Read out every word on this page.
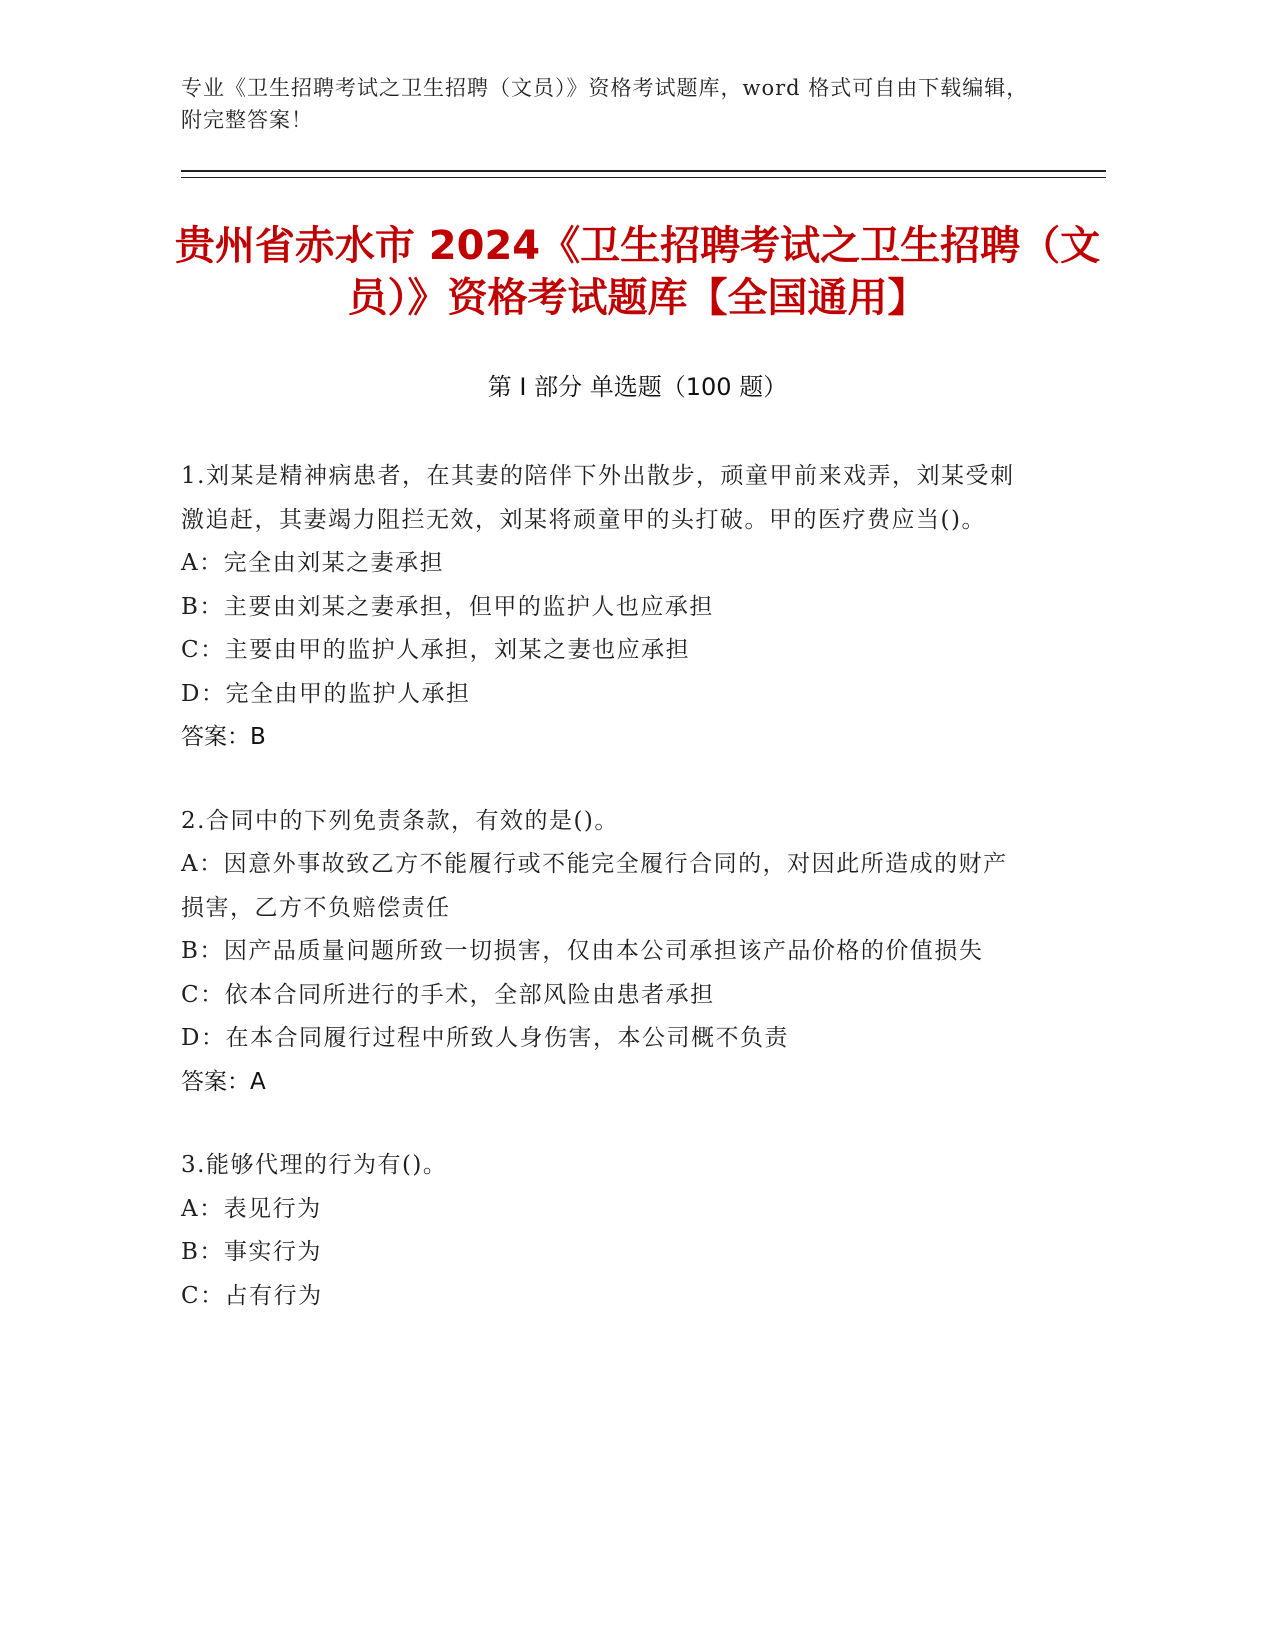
专业《卫生招聘考试之卫生招聘（文员）》资格考试题库，word 格式可自由下载编辑，附完整答案！
贵州省赤水市 2024《卫生招聘考试之卫生招聘（文员）》资格考试题库【全国通用】
第 I 部分 单选题（100 题）
1.刘某是精神病患者，在其妻的陪伴下外出散步，顽童甲前来戏弄，刘某受刺激追赶，其妻竭力阻拦无效，刘某将顽童甲的头打破。甲的医疗费应当()。
A：完全由刘某之妻承担
B：主要由刘某之妻承担，但甲的监护人也应承担
C：主要由甲的监护人承担，刘某之妻也应承担
D：完全由甲的监护人承担
答案：B
2.合同中的下列免责条款，有效的是()。
A：因意外事故致乙方不能履行或不能完全履行合同的，对因此所造成的财产损害，乙方不负赔偿责任
B：因产品质量问题所致一切损害，仅由本公司承担该产品价格的价值损失
C：依本合同所进行的手术，全部风险由患者承担
D：在本合同履行过程中所致人身伤害，本公司概不负责
答案：A
3.能够代理的行为有()。
A：表见行为
B：事实行为
C：占有行为
